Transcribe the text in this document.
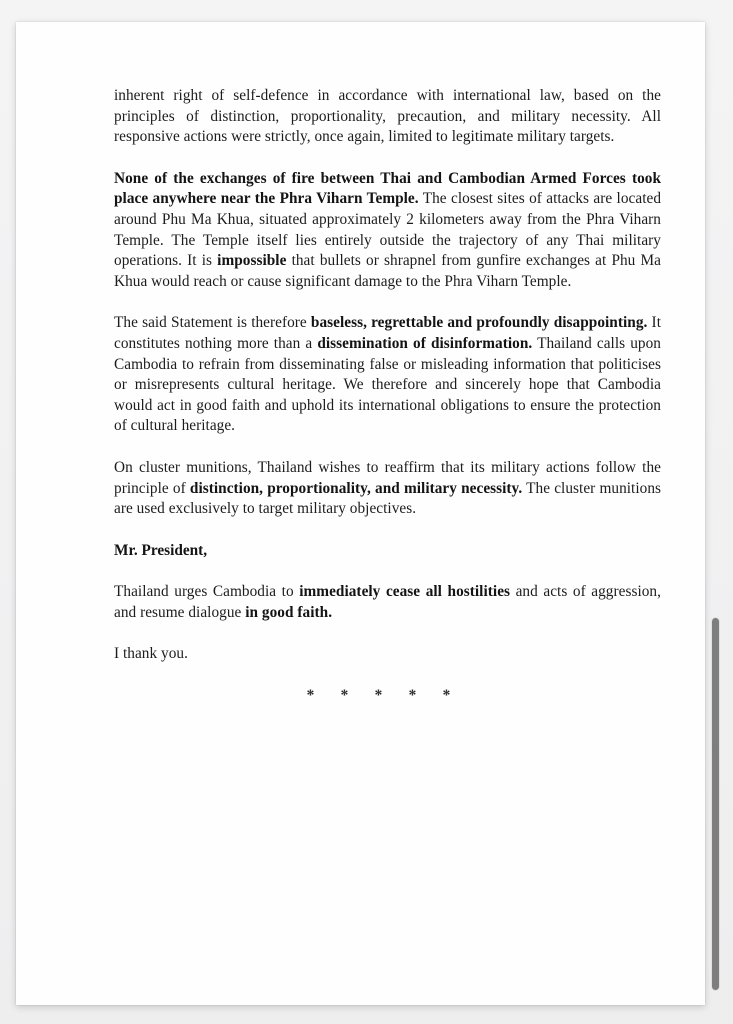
inherent right of self-defence in accordance with international law, based on the principles of distinction, proportionality, precaution, and military necessity. All responsive actions were strictly, once again, limited to legitimate military targets.

None of the exchanges of fire between Thai and Cambodian Armed Forces took place anywhere near the Phra Viharn Temple. The closest sites of attacks are located around Phu Ma Khua, situated approximately 2 kilometers away from the Phra Viharn Temple. The Temple itself lies entirely outside the trajectory of any Thai military operations. It is impossible that bullets or shrapnel from gunfire exchanges at Phu Ma Khua would reach or cause significant damage to the Phra Viharn Temple.

The said Statement is therefore baseless, regrettable and profoundly disappointing. It constitutes nothing more than a dissemination of disinformation. Thailand calls upon Cambodia to refrain from disseminating false or misleading information that politicises or misrepresents cultural heritage. We therefore and sincerely hope that Cambodia would act in good faith and uphold its international obligations to ensure the protection of cultural heritage.

On cluster munitions, Thailand wishes to reaffirm that its military actions follow the principle of distinction, proportionality, and military necessity. The cluster munitions are used exclusively to target military objectives.

Mr. President,

Thailand urges Cambodia to immediately cease all hostilities and acts of aggression, and resume dialogue in good faith.

I thank you.

* * * * *
